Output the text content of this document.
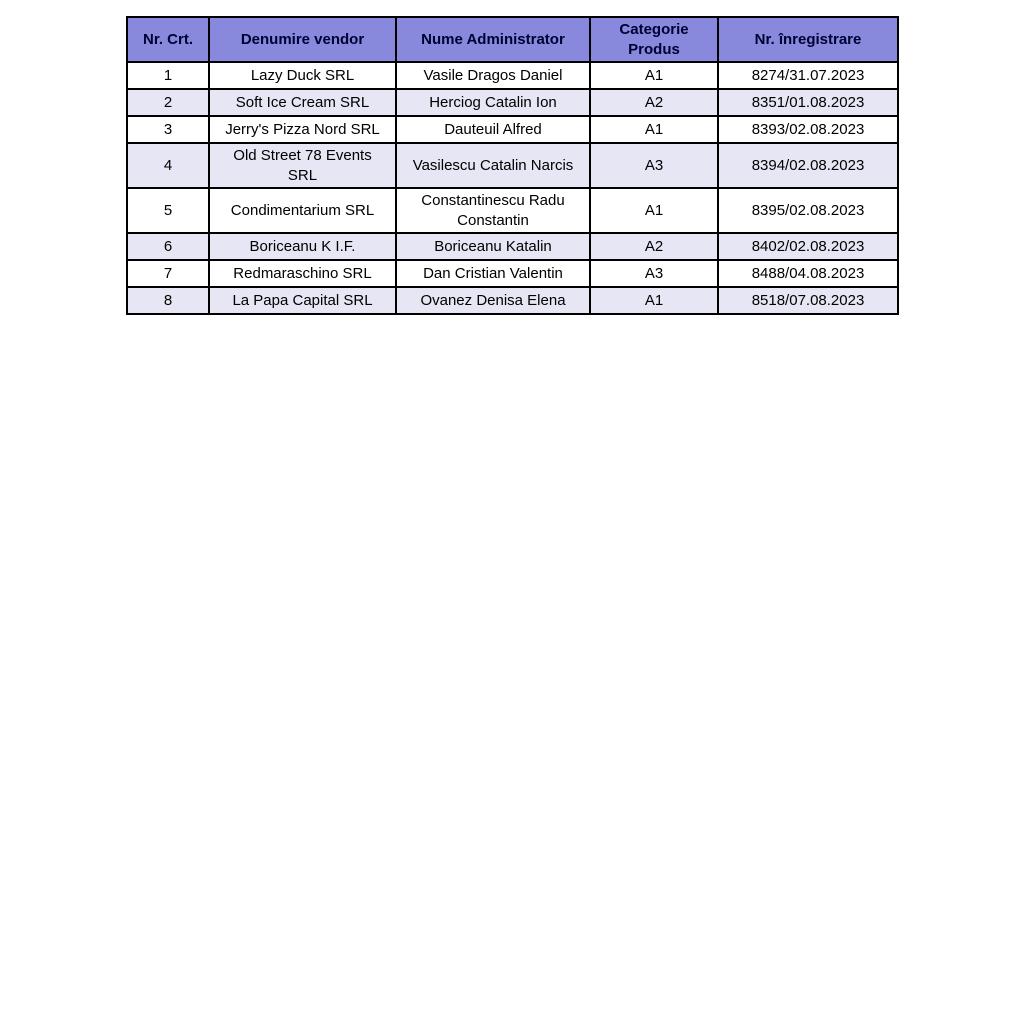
Nr. Crt.	Denumire vendor	Nume Administrator	Categorie Produs	Nr. înregistrare
1	Lazy Duck SRL	Vasile Dragos Daniel	A1	8274/31.07.2023
2	Soft Ice Cream SRL	Herciog Catalin Ion	A2	8351/01.08.2023
3	Jerry's Pizza Nord SRL	Dauteuil Alfred	A1	8393/02.08.2023
4	Old Street 78 Events SRL	Vasilescu Catalin Narcis	A3	8394/02.08.2023
5	Condimentarium SRL	Constantinescu Radu Constantin	A1	8395/02.08.2023
6	Boriceanu K I.F.	Boriceanu Katalin	A2	8402/02.08.2023
7	Redmaraschino SRL	Dan Cristian Valentin	A3	8488/04.08.2023
8	La Papa Capital SRL	Ovanez Denisa Elena	A1	8518/07.08.2023
